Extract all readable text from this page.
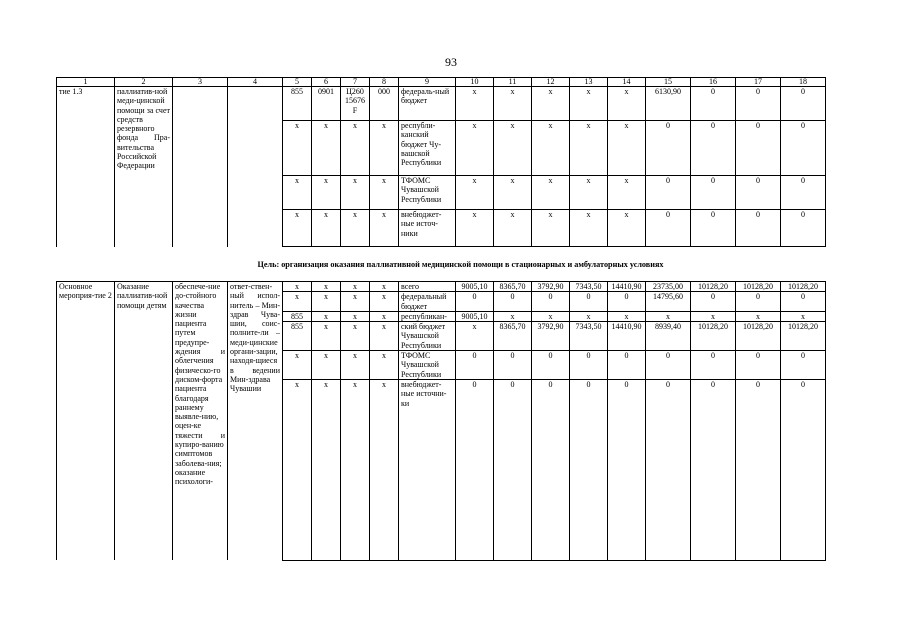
93
1	2	3	4	5	6	7	8	9	10	11	12	13	14	15	16	17	18
тие 1.3	паллиатив-ной меди-цинской помощи за счет средств резервного фонда Пра-вительства Российской Федерации			855	0901	Ц260 15676 F	000	федераль-ный бюджет	x	x	x	x	x	6130,90	0	0	0
				x	x	x	x	республи-канский бюджет Чу-вашской Республики	x	x	x	x	x	0	0	0	0
				x	x	x	x	ТФОМС Чувашской Республики	x	x	x	x	x	0	0	0	0
				x	x	x	x	внебюджет-ные источ-ники	x	x	x	x	x	0	0	0	0
Цель: организация оказания паллиативной медицинской помощи в стационарных и амбулаторных условиях
Основное мероприя-тие 2	Оказание паллиатив-ной помощи детям	обеспече-ние до-стойного качества жизни пациента путем предупре-ждения и облегчения физическо-го диском-форта пациента благодаря раннему выявле-нию, оцен-ке тяжести и купиро-ванию симптомов заболева-ния; оказание психологи-	ответ-ствен-ный испол-нитель – Мин-здрав Чува-шии, соис-полните-ли – меди-цинские органи-зации, находя-щиеся в ведении Мин-здрава Чувашии	x	x	x	x	всего	9005,10	8365,70	3792,90	7343,50	14410,90	23735,00	10128,20	10128,20	10128,20
				x	x	x	x	федеральный бюджет	0	0	0	0	0	14795,60	0	0	0
				855	x	x	x	республикан-	9005,10	x	x	x	x	x	x	x	x
				855	x	x	x	ский бюджет Чувашской Республики	x	8365,70	3792,90	7343,50	14410,90	8939,40	10128,20	10128,20	10128,20
				x	x	x	x	ТФОМС Чувашской Республики	0	0	0	0	0	0	0	0	0
				x	x	x	x	внебюджет-ные источни-ки	0	0	0	0	0	0	0	0	0
